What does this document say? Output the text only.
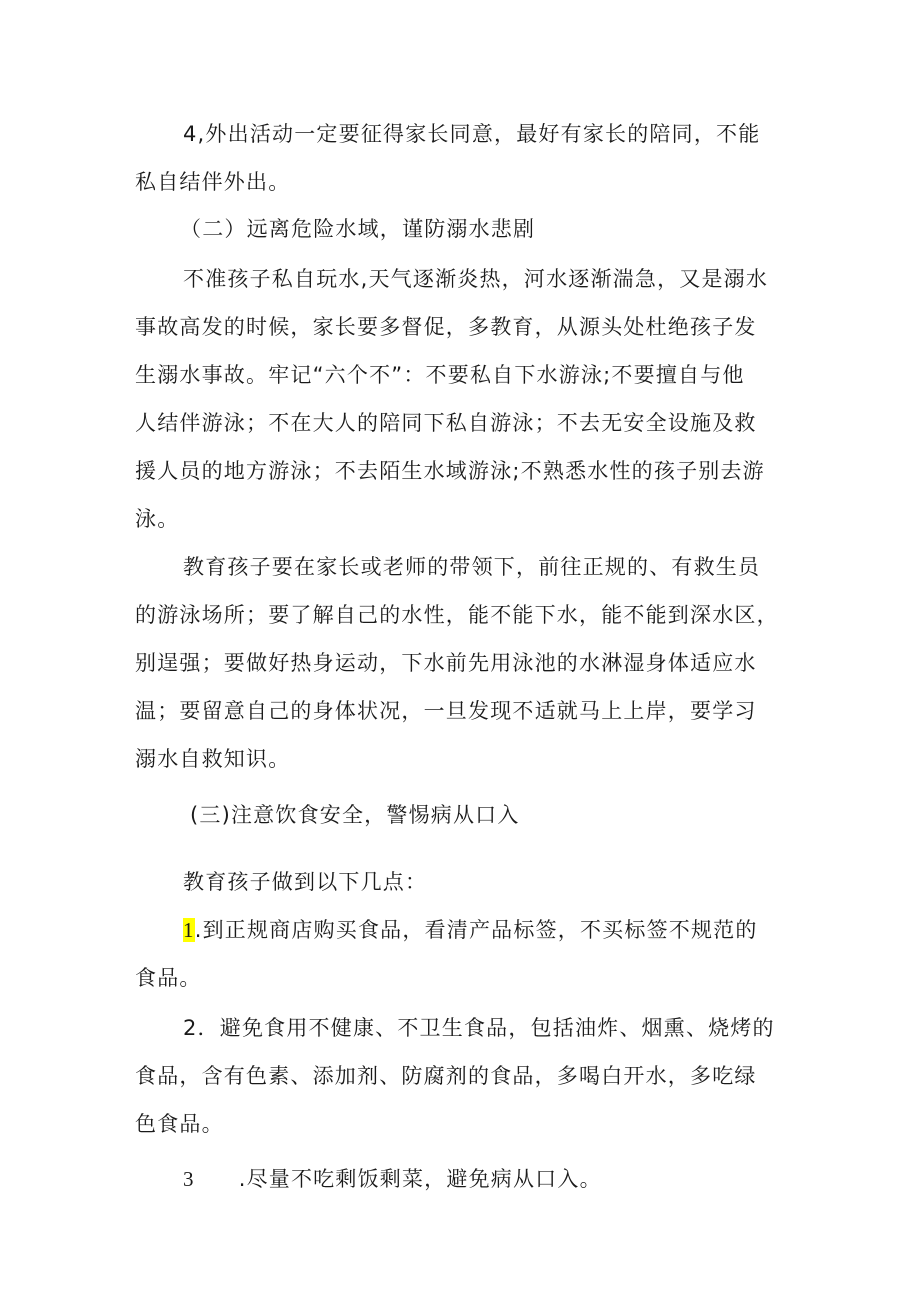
4,外出活动一定要征得家长同意，最好有家长的陪同，不能
私自结伴外出。
（二）远离危险水域，谨防溺水悲剧
不准孩子私自玩水,天气逐渐炎热，河水逐渐湍急，又是溺水
事故高发的时候，家长要多督促，多教育，从源头处杜绝孩子发
生溺水事故。牢记“六个不”：不要私自下水游泳;不要擅自与他
人结伴游泳；不在大人的陪同下私自游泳；不去无安全设施及救
援人员的地方游泳；不去陌生水域游泳;不熟悉水性的孩子别去游
泳。
教育孩子要在家长或老师的带领下，前往正规的、有救生员
的游泳场所；要了解自己的水性，能不能下水，能不能到深水区，
别逞强；要做好热身运动，下水前先用泳池的水淋湿身体适应水
温；要留意自己的身体状况，一旦发现不适就马上上岸，要学习
溺水自救知识。
(三)注意饮食安全，警惕病从口入
教育孩子做到以下几点：
1.到正规商店购买食品，看清产品标签，不买标签不规范的
食品。
2．避免食用不健康、不卫生食品，包括油炸、烟熏、烧烤的
食品，含有色素、添加剂、防腐剂的食品，多喝白开水，多吃绿
色食品。
3 .尽量不吃剩饭剩菜，避免病从口入。
